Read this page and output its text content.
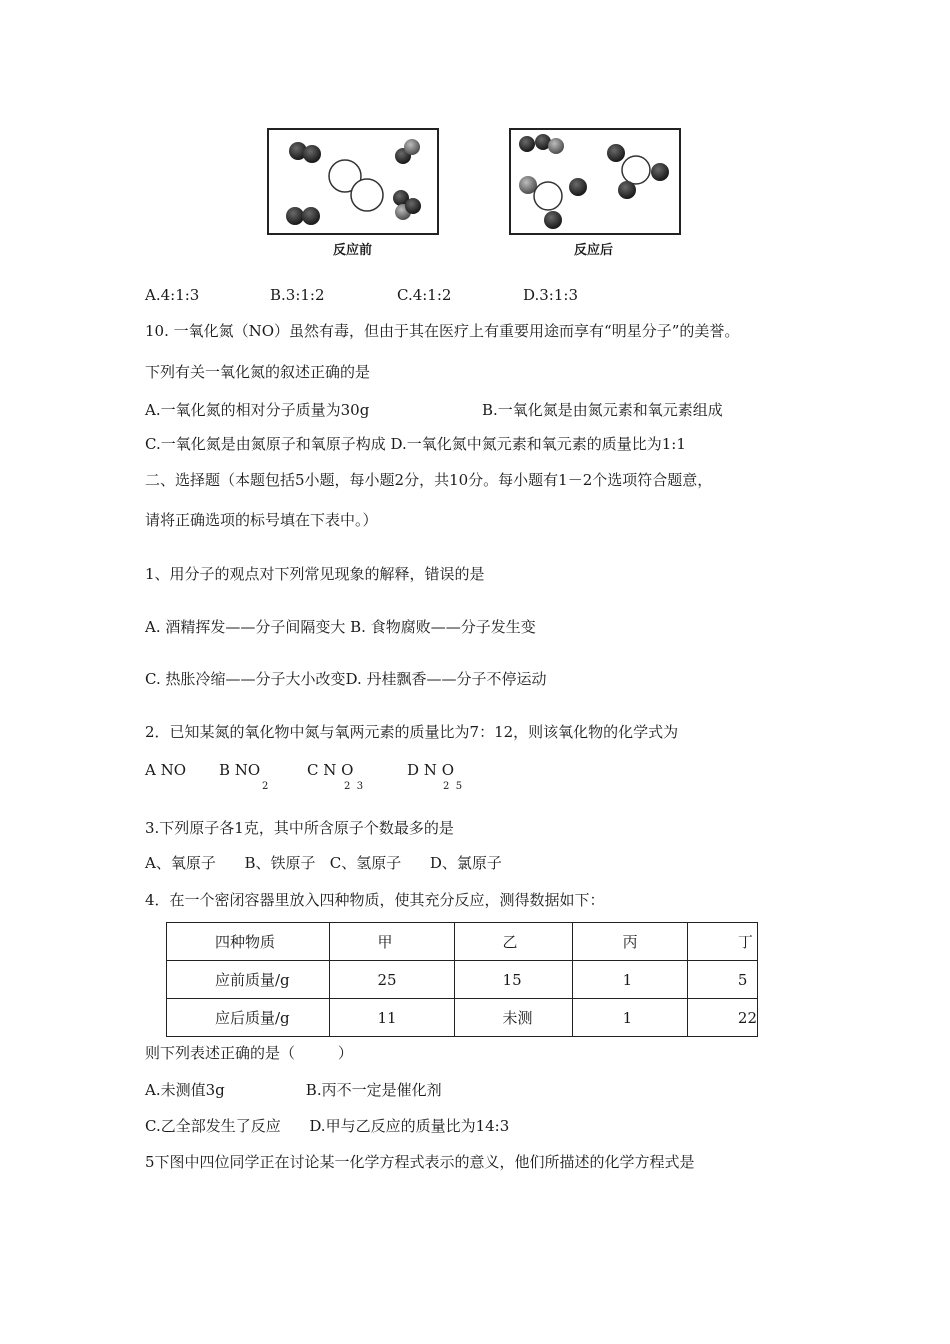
反应前	反应后
A.4:1:3	B.3:1:2	C.4:1:2	D.3:1:3
10. 一氧化氮（NO）虽然有毒，但由于其在医疗上有重要用途而享有“明星分子”的美誉。
下列有关一氧化氮的叙述正确的是
A.一氧化氮的相对分子质量为30g	B.一氧化氮是由氮元素和氧元素组成
C.一氧化氮是由氮原子和氧原子构成 D.一氧化氮中氮元素和氧元素的质量比为1:1
二、选择题（本题包括5小题，每小题2分，共10分。每小题有1－2个选项符合题意，
请将正确选项的标号填在下表中。）
1、用分子的观点对下列常见现象的解释，错误的是
A. 酒精挥发——分子间隔变大 B. 食物腐败——分子发生变
C. 热胀冷缩——分子大小改变D. 丹桂飘香——分子不停运动
2．已知某氮的氧化物中氮与氧两元素的质量比为7：12，则该氧化物的化学式为
A NO B NO
2
C N O
2  3
D N O
2  5
3.下列原子各1克，其中所含原子个数最多的是
A、氧原子      B、铁原子   C、氢原子      D、氯原子
4．在一个密闭容器里放入四种物质，使其充分反应，测得数据如下：
四种物质	甲	乙	丙	丁
应前质量/g	25	15	1	5
应后质量/g	11	未测	1	22
则下列表述正确的是（         ）
A.未测值3g                 B.丙不一定是催化剂
C.乙全部发生了反应      D.甲与乙反应的质量比为14:3
5下图中四位同学正在讨论某一化学方程式表示的意义，他们所描述的化学方程式是
